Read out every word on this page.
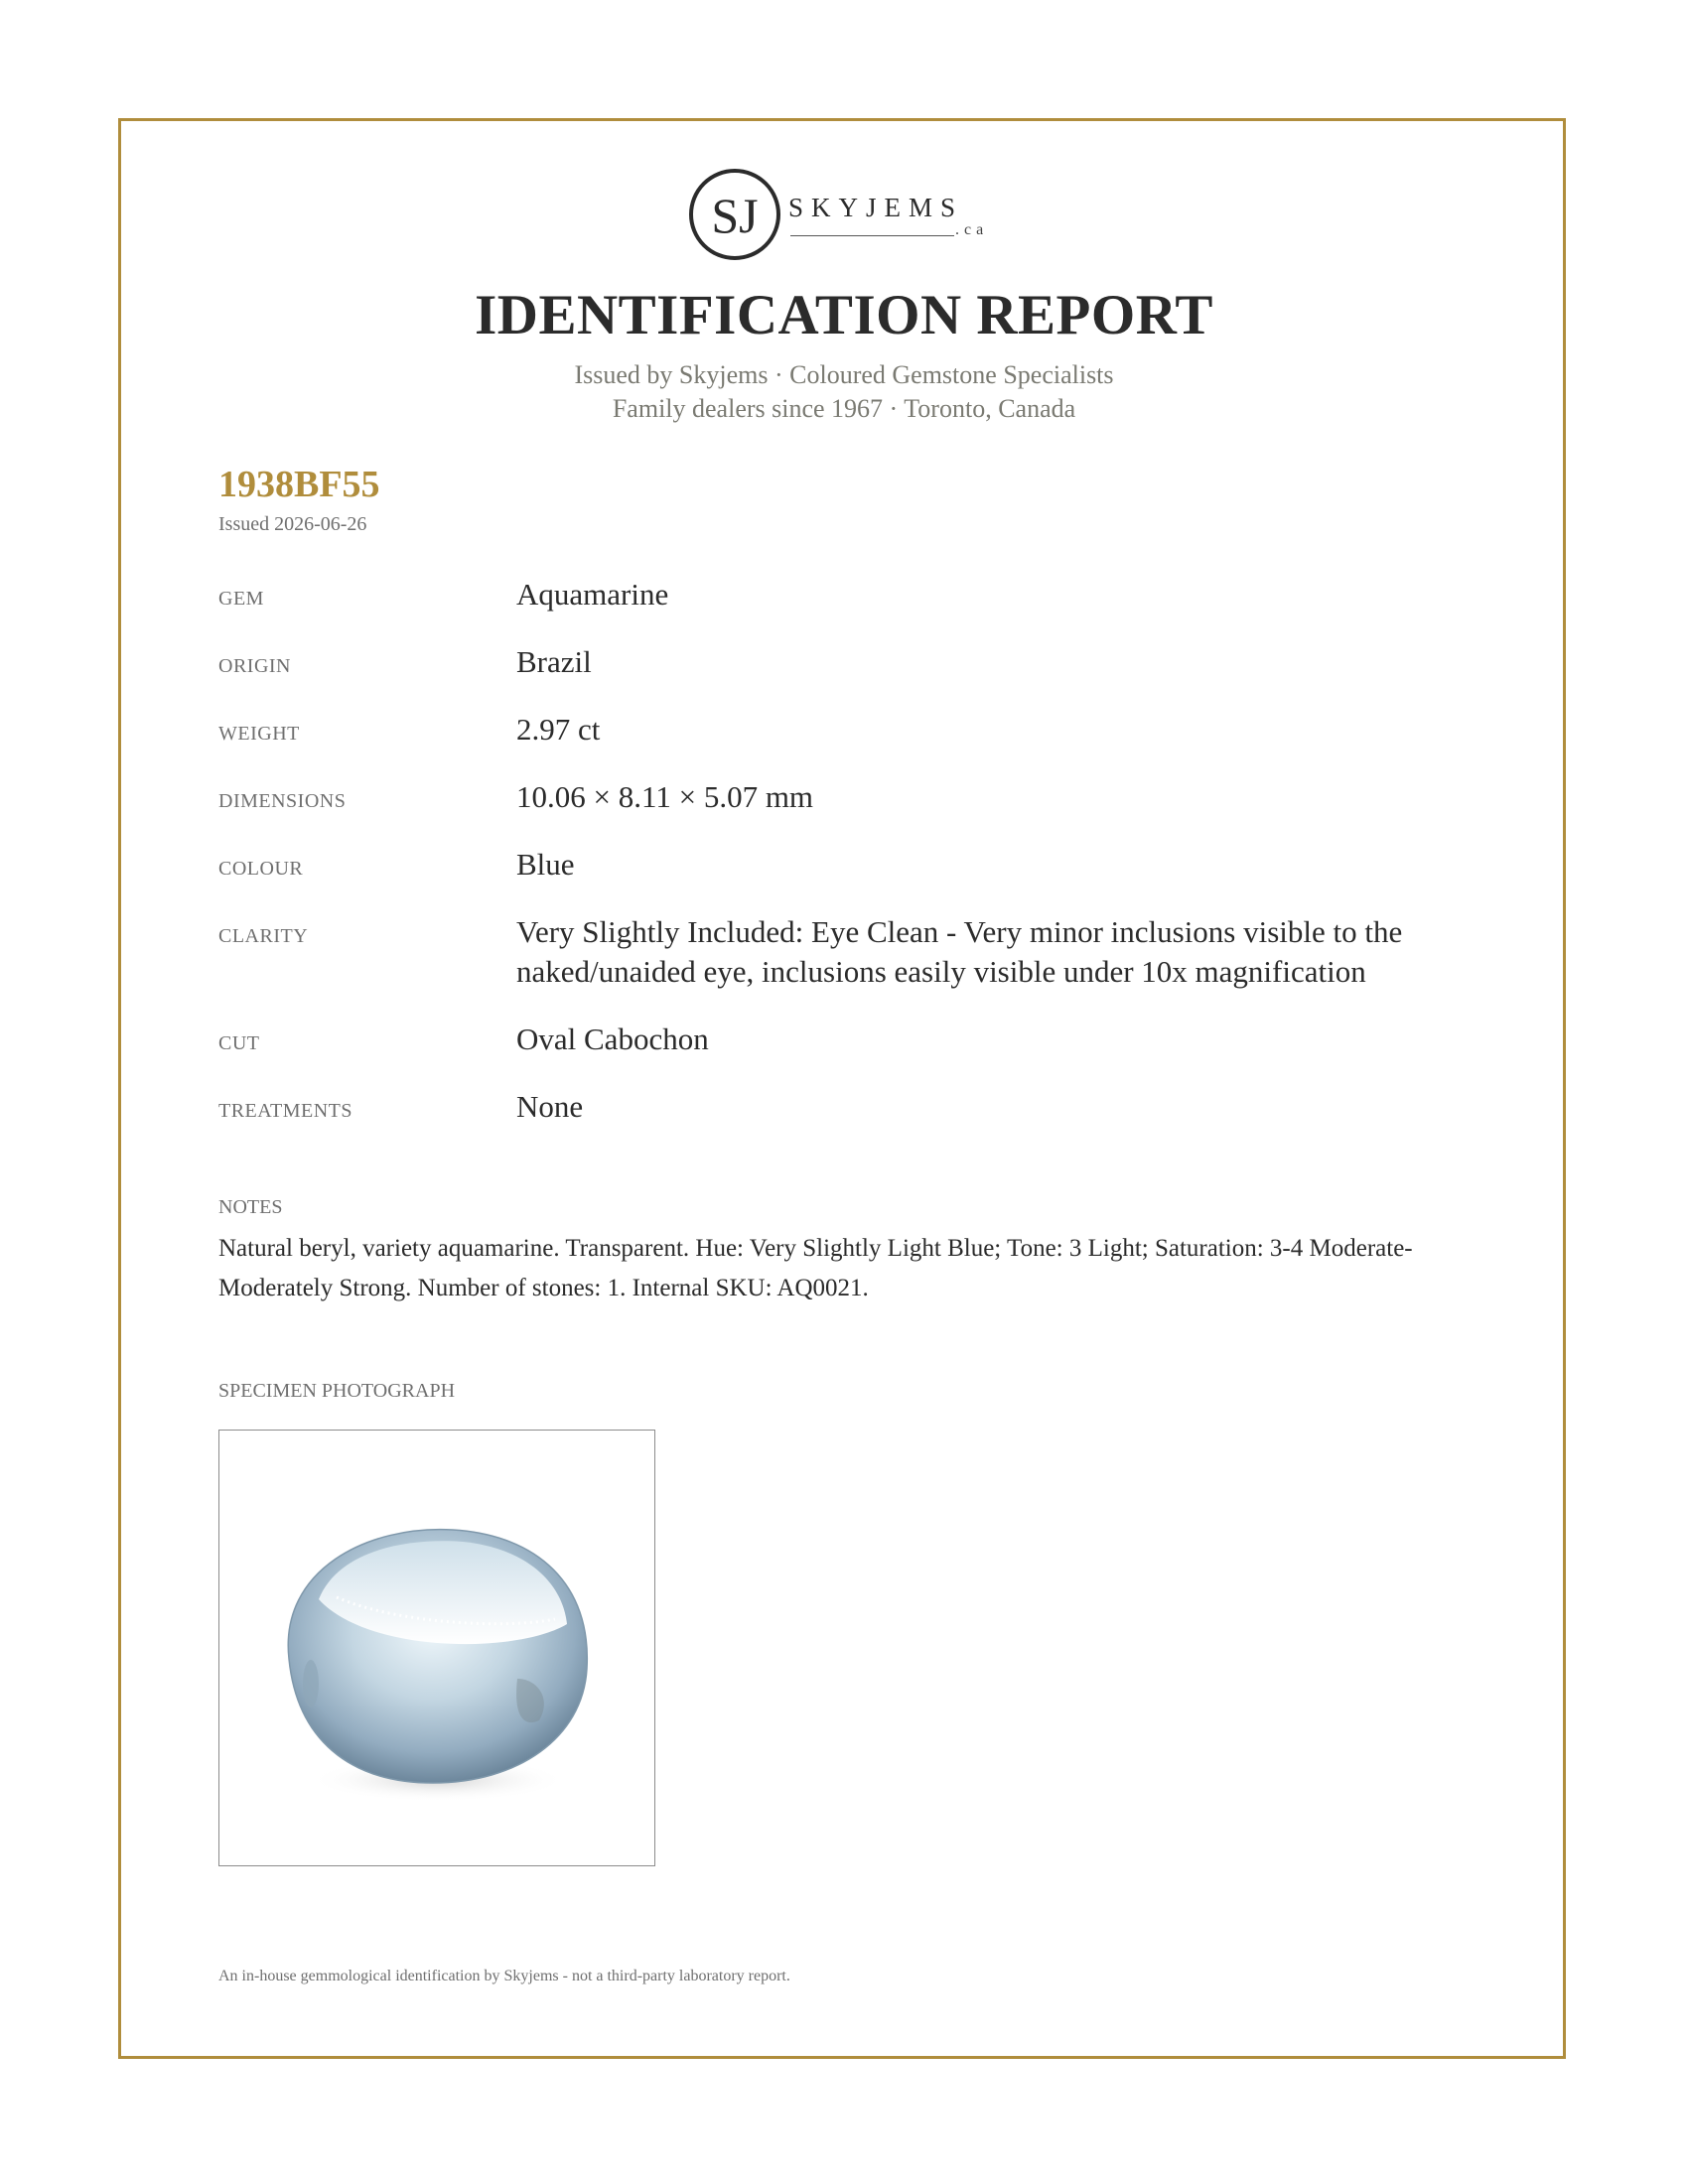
SJ SKYJEMS
.ca
IDENTIFICATION REPORT
Issued by Skyjems · Coloured Gemstone Specialists
Family dealers since 1967 · Toronto, Canada
1938BF55
Issued 2026-06-26
GEM	Aquamarine
ORIGIN	Brazil
WEIGHT	2.97 ct
DIMENSIONS	10.06 × 8.11 × 5.07 mm
COLOUR	Blue
CLARITY	Very Slightly Included: Eye Clean - Very minor inclusions visible to the naked/unaided eye, inclusions easily visible under 10x magnification
CUT	Oval Cabochon
TREATMENTS	None
NOTES
Natural beryl, variety aquamarine. Transparent. Hue: Very Slightly Light Blue; Tone: 3 Light; Saturation: 3-4 Moderate-Moderately Strong. Number of stones: 1. Internal SKU: AQ0021.
SPECIMEN PHOTOGRAPH
An in-house gemmological identification by Skyjems - not a third-party laboratory report.
